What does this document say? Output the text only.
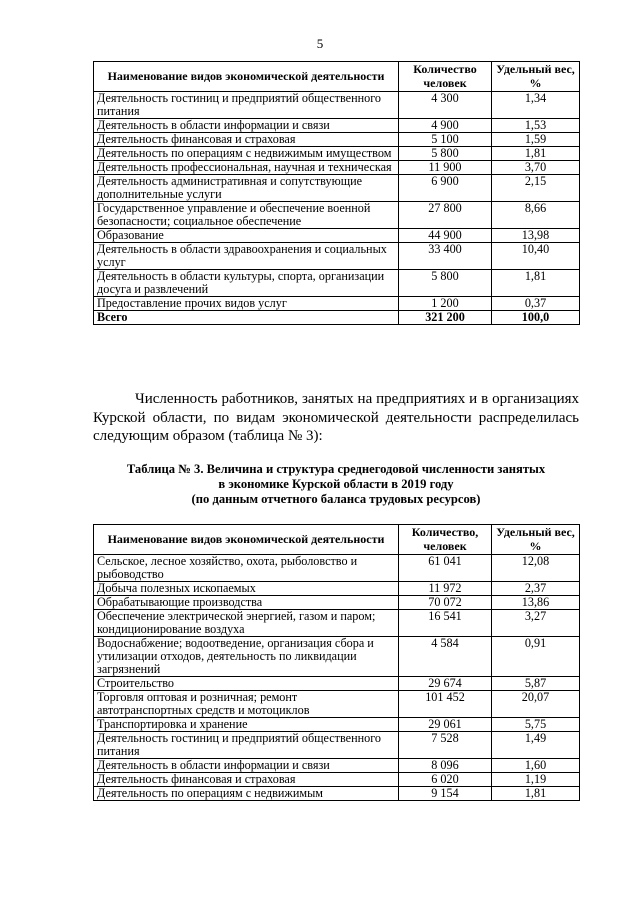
5
Наименование видов экономической деятельности	Количество человек	Удельный вес, %
Деятельность гостиниц и предприятий общественного питания	4 300	1,34
Деятельность в области информации и связи	4 900	1,53
Деятельность финансовая и страховая	5 100	1,59
Деятельность по операциям с недвижимым имуществом	5 800	1,81
Деятельность профессиональная, научная и техническая	11 900	3,70
Деятельность административная и сопутствующие дополнительные услуги	6 900	2,15
Государственное управление и обеспечение военной безопасности; социальное обеспечение	27 800	8,66
Образование	44 900	13,98
Деятельность в области здравоохранения и социальных услуг	33 400	10,40
Деятельность в области культуры, спорта, организации досуга и развлечений	5 800	1,81
Предоставление прочих видов услуг	1 200	0,37
Всего	321 200	100,0

Численность работников, занятых на предприятиях и в организациях Курской области, по видам экономической деятельности распределилась следующим образом (таблица № 3):

Таблица № 3. Величина и структура среднегодовой численности занятых
в экономике Курской области в 2019 году
(по данным отчетного баланса трудовых ресурсов)
Наименование видов экономической деятельности	Количество, человек	Удельный вес, %
Сельское, лесное хозяйство, охота, рыболовство и рыбоводство	61 041	12,08
Добыча полезных ископаемых	11 972	2,37
Обрабатывающие производства	70 072	13,86
Обеспечение электрической энергией, газом и паром; кондиционирование воздуха	16 541	3,27
Водоснабжение; водоотведение, организация сбора и утилизации отходов, деятельность по ликвидации загрязнений	4 584	0,91
Строительство	29 674	5,87
Торговля оптовая и розничная; ремонт автотранспортных средств и мотоциклов	101 452	20,07
Транспортировка и хранение	29 061	5,75
Деятельность гостиниц и предприятий общественного питания	7 528	1,49
Деятельность в области информации и связи	8 096	1,60
Деятельность финансовая и страховая	6 020	1,19
Деятельность по операциям с недвижимым	9 154	1,81
